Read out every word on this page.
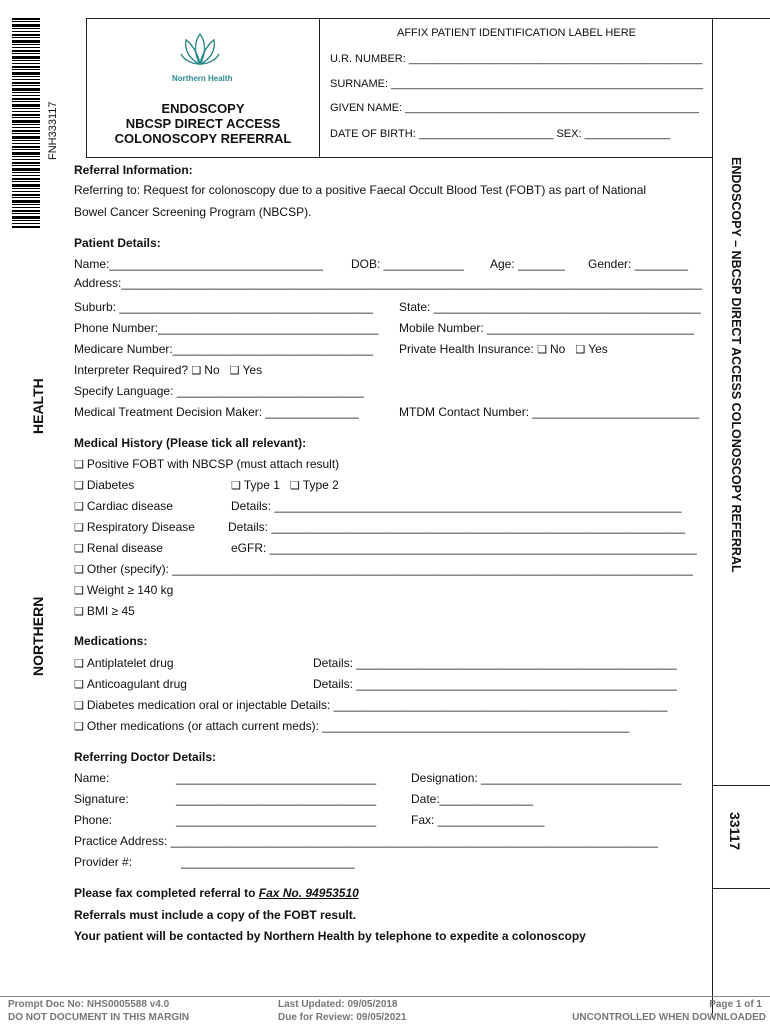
FNH333117
HEALTH
NORTHERN
Northern Health
ENDOSCOPY
NBCSP DIRECT ACCESS
COLONOSCOPY REFERRAL
AFFIX PATIENT IDENTIFICATION LABEL HERE
U.R. NUMBER: ________________________________________________
SURNAME: ___________________________________________________
GIVEN NAME: ________________________________________________
DATE OF BIRTH: ______________________ SEX: ______________
ENDOSCOPY – NBCSP DIRECT ACCESS COLONOSCOPY REFERRAL
33117
Referral Information:
Referring to: Request for colonoscopy due to a positive Faecal Occult Blood Test (FOBT) as part of National
Bowel Cancer Screening Program (NBCSP).
Patient Details:
Name:________________________________ DOB: ____________ Age: _______ Gender: ________
Address:_______________________________________________________________________________________
Suburb: ______________________________________ State: ________________________________________
Phone Number:_________________________________ Mobile Number: _______________________________
Medicare Number:______________________________ Private Health Insurance: ❑ No ❑ Yes
Interpreter Required? ❑ No ❑ Yes
Specify Language: ____________________________
Medical Treatment Decision Maker: ______________	MTDM Contact Number: _________________________
Medical History (Please tick all relevant):
❑ Positive FOBT with NBCSP (must attach result)
❑ Diabetes	❑ Type 1 ❑ Type 2
❑ Cardiac disease	Details: _____________________________________________________________
❑ Respiratory Disease	Details: ______________________________________________________________
❑ Renal disease	eGFR: ________________________________________________________________
❑ Other (specify): ______________________________________________________________________________
❑ Weight ≥ 140 kg
❑ BMI ≥ 45
Medications:
❑ Antiplatelet drug	Details: ________________________________________________
❑ Anticoagulant drug	Details: ________________________________________________
❑ Diabetes medication oral or injectable Details: __________________________________________________
❑ Other medications (or attach current meds): ______________________________________________
Referring Doctor Details:
Name:	______________________________	Designation: ______________________________
Signature:	______________________________	Date:______________
Phone:	______________________________	Fax: ________________
Practice Address: _________________________________________________________________________
Provider #:	__________________________
Please fax completed referral to Fax No. 94953510
Referrals must include a copy of the FOBT result.
Your patient will be contacted by Northern Health by telephone to expedite a colonoscopy
Prompt Doc No: NHS0005588 v4.0
DO NOT DOCUMENT IN THIS MARGIN
Last Updated: 09/05/2018
Due for Review: 09/05/2021
Page 1 of 1
UNCONTROLLED WHEN DOWNLOADED
